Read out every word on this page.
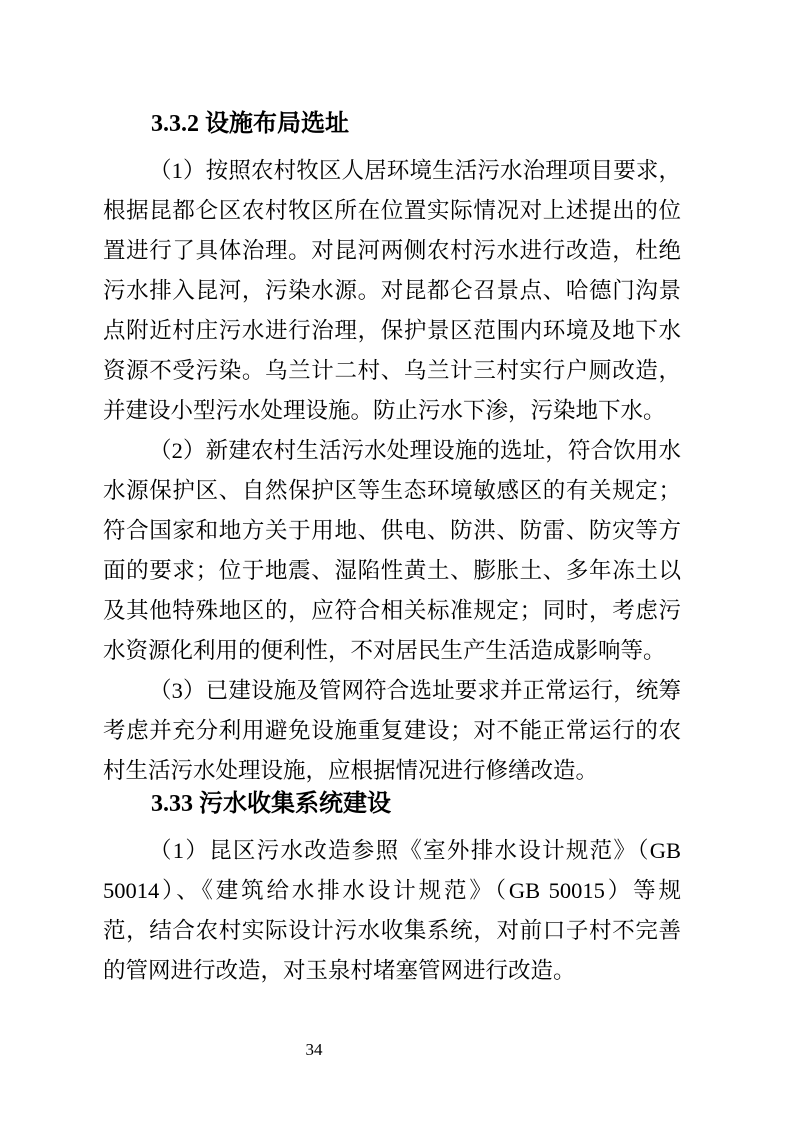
3.3.2 设施布局选址
（1）按照农村牧区人居环境生活污水治理项目要求，
根据昆都仑区农村牧区所在位置实际情况对上述提出的位
置进行了具体治理。对昆河两侧农村污水进行改造，杜绝
污水排入昆河，污染水源。对昆都仑召景点、哈德门沟景
点附近村庄污水进行治理，保护景区范围内环境及地下水
资源不受污染。乌兰计二村、乌兰计三村实行户厕改造，
并建设小型污水处理设施。防止污水下渗，污染地下水。
（2）新建农村生活污水处理设施的选址，符合饮用水
水源保护区、自然保护区等生态环境敏感区的有关规定；
符合国家和地方关于用地、供电、防洪、防雷、防灾等方
面的要求；位于地震、湿陷性黄土、膨胀土、多年冻土以
及其他特殊地区的，应符合相关标准规定；同时，考虑污
水资源化利用的便利性，不对居民生产生活造成影响等。
（3）已建设施及管网符合选址要求并正常运行，统筹
考虑并充分利用避免设施重复建设；对不能正常运行的农
村生活污水处理设施，应根据情况进行修缮改造。
3.33 污水收集系统建设
（1）昆区污水改造参照《室外排水设计规范》（GB
50014）、《建筑给水排水设计规范》（GB 50015）等规
范，结合农村实际设计污水收集系统，对前口子村不完善
的管网进行改造，对玉泉村堵塞管网进行改造。
34
